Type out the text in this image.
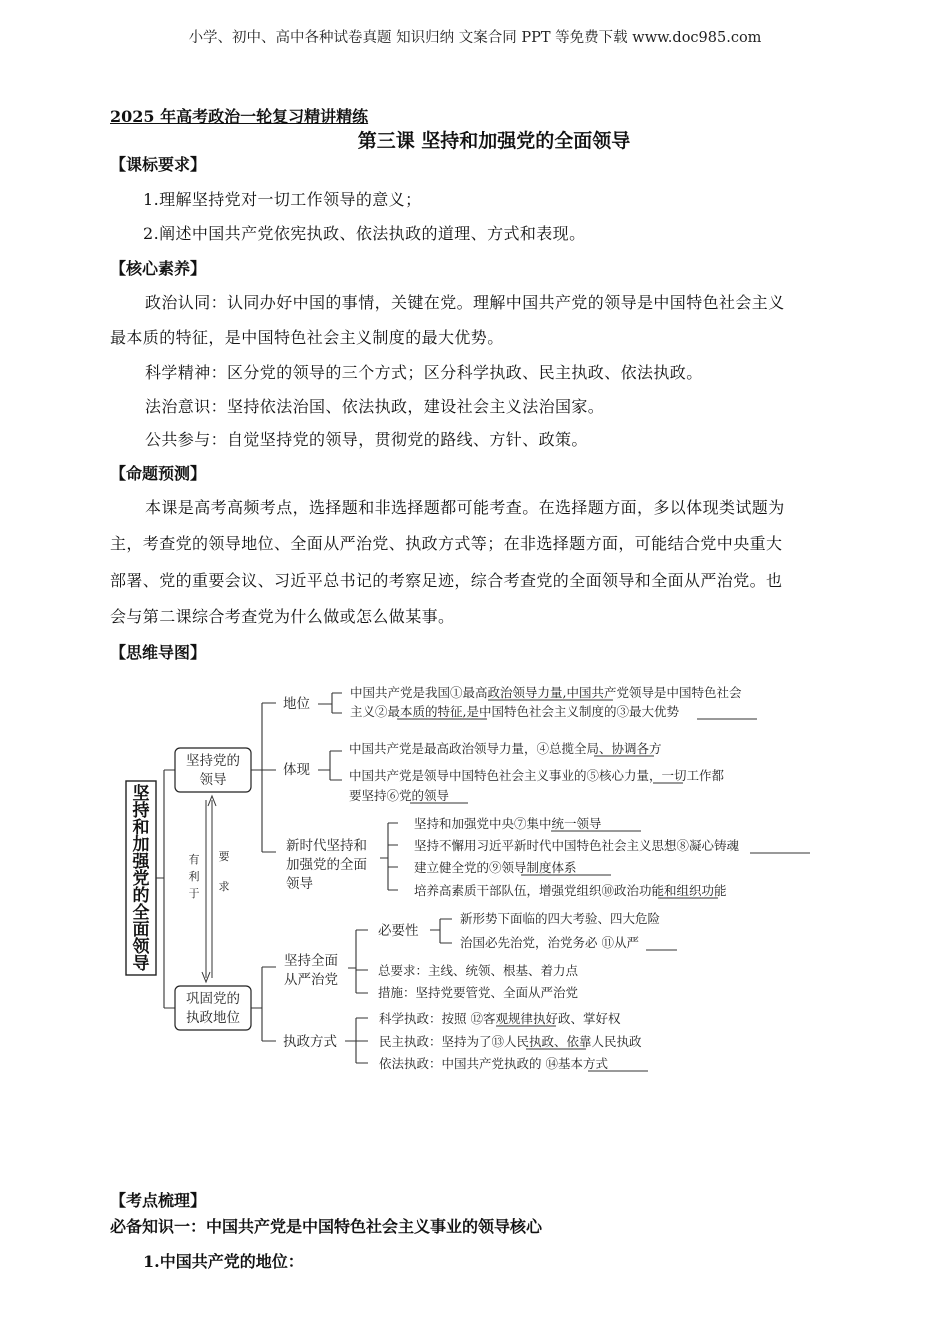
小学、初中、高中各种试卷真题 知识归纳 文案合同 PPT 等免费下载 www.doc985.com
2025 年高考政治一轮复习精讲精练
第三课 坚持和加强党的全面领导
【课标要求】
1.理解坚持党对一切工作领导的意义；
2.阐述中国共产党依宪执政、依法执政的道理、方式和表现。
【核心素养】
政治认同：认同办好中国的事情，关键在党。理解中国共产党的领导是中国特色社会主义
最本质的特征，是中国特色社会主义制度的最大优势。
科学精神：区分党的领导的三个方式；区分科学执政、民主执政、依法执政。
法治意识：坚持依法治国、依法执政，建设社会主义法治国家。
公共参与：自觉坚持党的领导，贯彻党的路线、方针、政策。
【命题预测】
本课是高考高频考点，选择题和非选择题都可能考查。在选择题方面，多以体现类试题为
主，考查党的领导地位、全面从严治党、执政方式等；在非选择题方面，可能结合党中央重大
部署、党的重要会议、习近平总书记的考察足迹，综合考查党的全面领导和全面从严治党。也
会与第二课综合考查党为什么做或怎么做某事。
【思维导图】
坚
持
和
加
强
党
的
全
面
领
导
坚持党的
领导
巩固党的
执政地位
有
利
于
要
求
地位
中国共产党是我国①最高政治领导力量,中国共产党领导是中国特色社会
主义②最本质的特征,是中国特色社会主义制度的③最大优势
体现
中国共产党是最高政治领导力量，④总揽全局、协调各方
中国共产党是领导中国特色社会主义事业的⑤核心力量，一切工作都
要坚持⑥党的领导
新时代坚持和
加强党的全面
领导
坚持和加强党中央⑦集中统一领导
坚持不懈用习近平新时代中国特色社会主义思想⑧凝心铸魂
建立健全党的⑨领导制度体系
培养高素质干部队伍，增强党组织⑩政治功能和组织功能
坚持全面
从严治党
必要性
新形势下面临的四大考验、四大危险
治国必先治党，治党务必 ⑪从严
总要求：主线、统领、根基、着力点
措施：坚持党要管党、全面从严治党
执政方式
科学执政：按照 ⑫客观规律执好政、掌好权
民主执政：坚持为了⑬人民执政、依靠人民执政
依法执政：中国共产党执政的 ⑭基本方式
【考点梳理】
必备知识一：中国共产党是中国特色社会主义事业的领导核心
1.中国共产党的地位：
